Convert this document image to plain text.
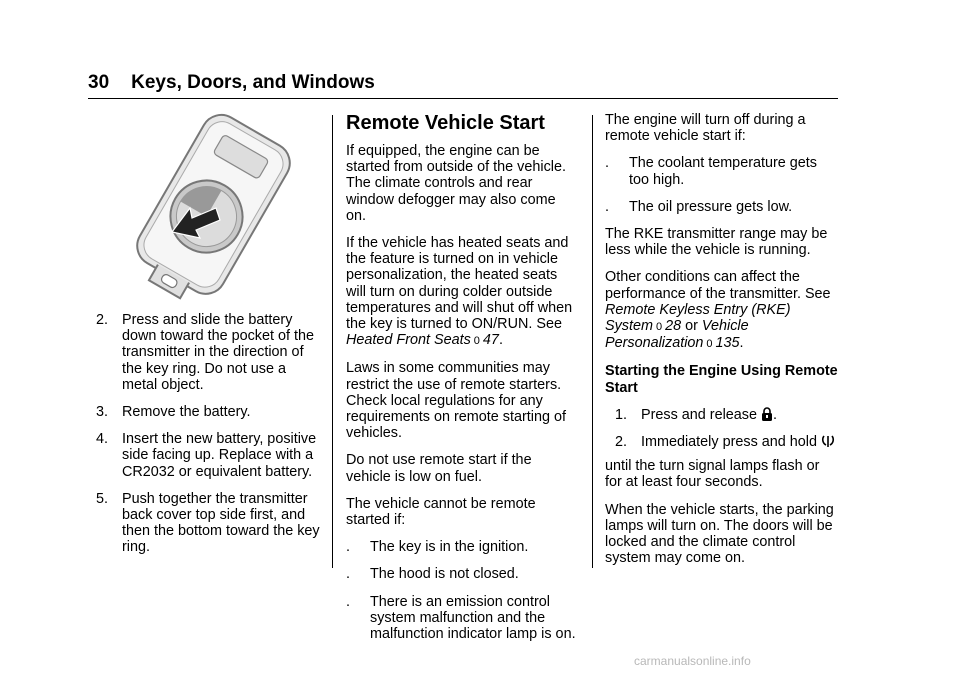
30 Keys, Doors, and Windows
2. Press and slide the battery down toward the pocket of the transmitter in the direction of the key ring. Do not use a metal object.
3. Remove the battery.
4. Insert the new battery, positive side facing up. Replace with a CR2032 or equivalent battery.
5. Push together the transmitter back cover top side first, and then the bottom toward the key ring.
Remote Vehicle Start

If equipped, the engine can be started from outside of the vehicle. The climate controls and rear window defogger may also come on.

If the vehicle has heated seats and the feature is turned on in vehicle personalization, the heated seats will turn on during colder outside temperatures and will shut off when the key is turned to ON/RUN. See Heated Front Seats 0 47.

Laws in some communities may restrict the use of remote starters. Check local regulations for any requirements on remote starting of vehicles.

Do not use remote start if the vehicle is low on fuel.

The vehicle cannot be remote started if:

.	The key is in the ignition.
.	The hood is not closed.
.	There is an emission control system malfunction and the malfunction indicator lamp is on.

The engine will turn off during a remote vehicle start if:

.	The coolant temperature gets too high.
.	The oil pressure gets low.

The RKE transmitter range may be less while the vehicle is running.

Other conditions can affect the performance of the transmitter. See
Remote Keyless Entry (RKE) System 0 28 or Vehicle Personalization 0 135.

Starting the Engine Using Remote Start
1. Press and release .
2. Immediately press and hold

until the turn signal lamps flash or for at least four seconds.

When the vehicle starts, the parking lamps will turn on. The doors will be locked and the climate control system may come on.

carmanualsonline.info
